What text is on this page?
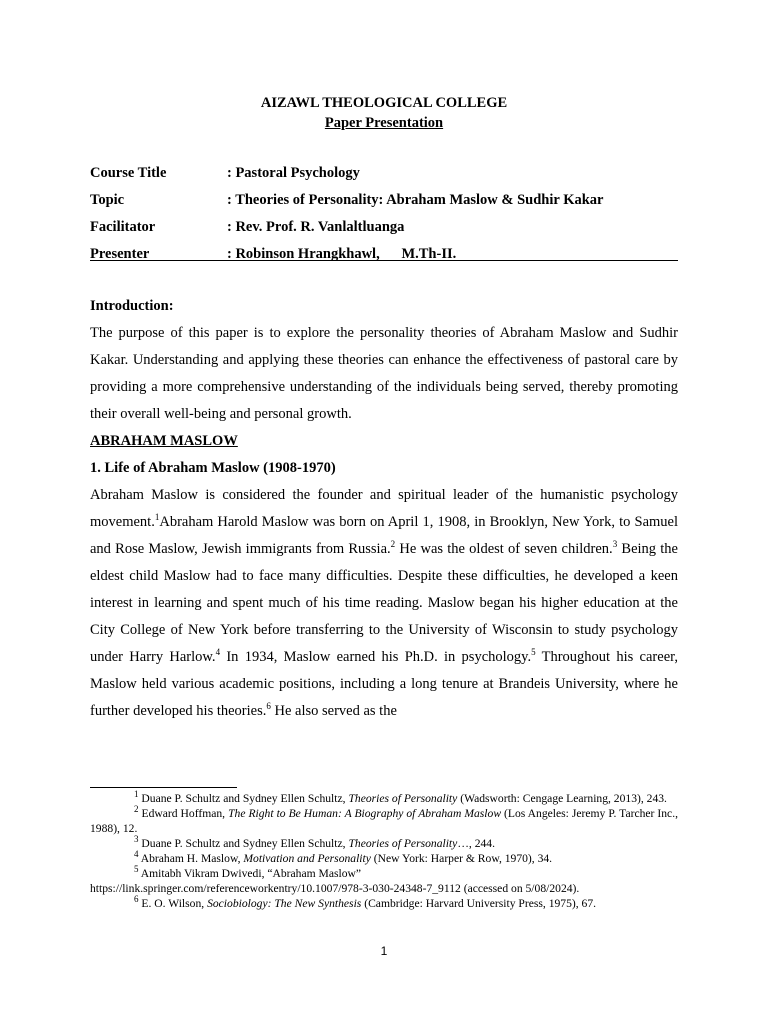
AIZAWL THEOLOGICAL COLLEGE
Paper Presentation
Course Title	: Pastoral Psychology
Topic	: Theories of Personality: Abraham Maslow & Sudhir Kakar
Facilitator	: Rev. Prof. R. Vanlaltluanga
Presenter	: Robinson Hrangkhawl,      M.Th-II.

Introduction:

The purpose of this paper is to explore the personality theories of Abraham Maslow and Sudhir Kakar. Understanding and applying these theories can enhance the effectiveness of pastoral care by providing a more comprehensive understanding of the individuals being served, thereby promoting their overall well-being and personal growth.

ABRAHAM MASLOW

1. Life of Abraham Maslow (1908-1970)

Abraham Maslow is considered the founder and spiritual leader of the humanistic psychology movement.$^1$Abraham Harold Maslow was born on April 1, 1908, in Brooklyn, New York, to Samuel and Rose Maslow, Jewish immigrants from Russia.$^2$ He was the oldest of seven children.$^3$ Being the eldest child Maslow had to face many difficulties. Despite these difficulties, he developed a keen interest in learning and spent much of his time reading. Maslow began his higher education at the City College of New York before transferring to the University of Wisconsin to study psychology under Harry Harlow.$^4$ In 1934, Maslow earned his Ph.D. in psychology.$^5$ Throughout his career, Maslow held various academic positions, including a long tenure at Brandeis University, where he further developed his theories.$^6$ He also served as the

$^1$ Duane P. Schultz and Sydney Ellen Schultz, Theories of Personality (Wadsworth: Cengage Learning, 2013), 243.

$^2$ Edward Hoffman, The Right to Be Human: A Biography of Abraham Maslow (Los Angeles: Jeremy P. Tarcher Inc., 1988), 12.

$^3$ Duane P. Schultz and Sydney Ellen Schultz, Theories of Personality…, 244.

$^4$ Abraham H. Maslow, Motivation and Personality (New York: Harper & Row, 1970), 34.

$^5$ Amitabh Vikram Dwivedi, “Abraham Maslow”

https://link.springer.com/referenceworkentry/10.1007/978-3-030-24348-7_9112 (accessed on 5/08/2024).

$^6$ E. O. Wilson, Sociobiology: The New Synthesis (Cambridge: Harvard University Press, 1975), 67.

1
